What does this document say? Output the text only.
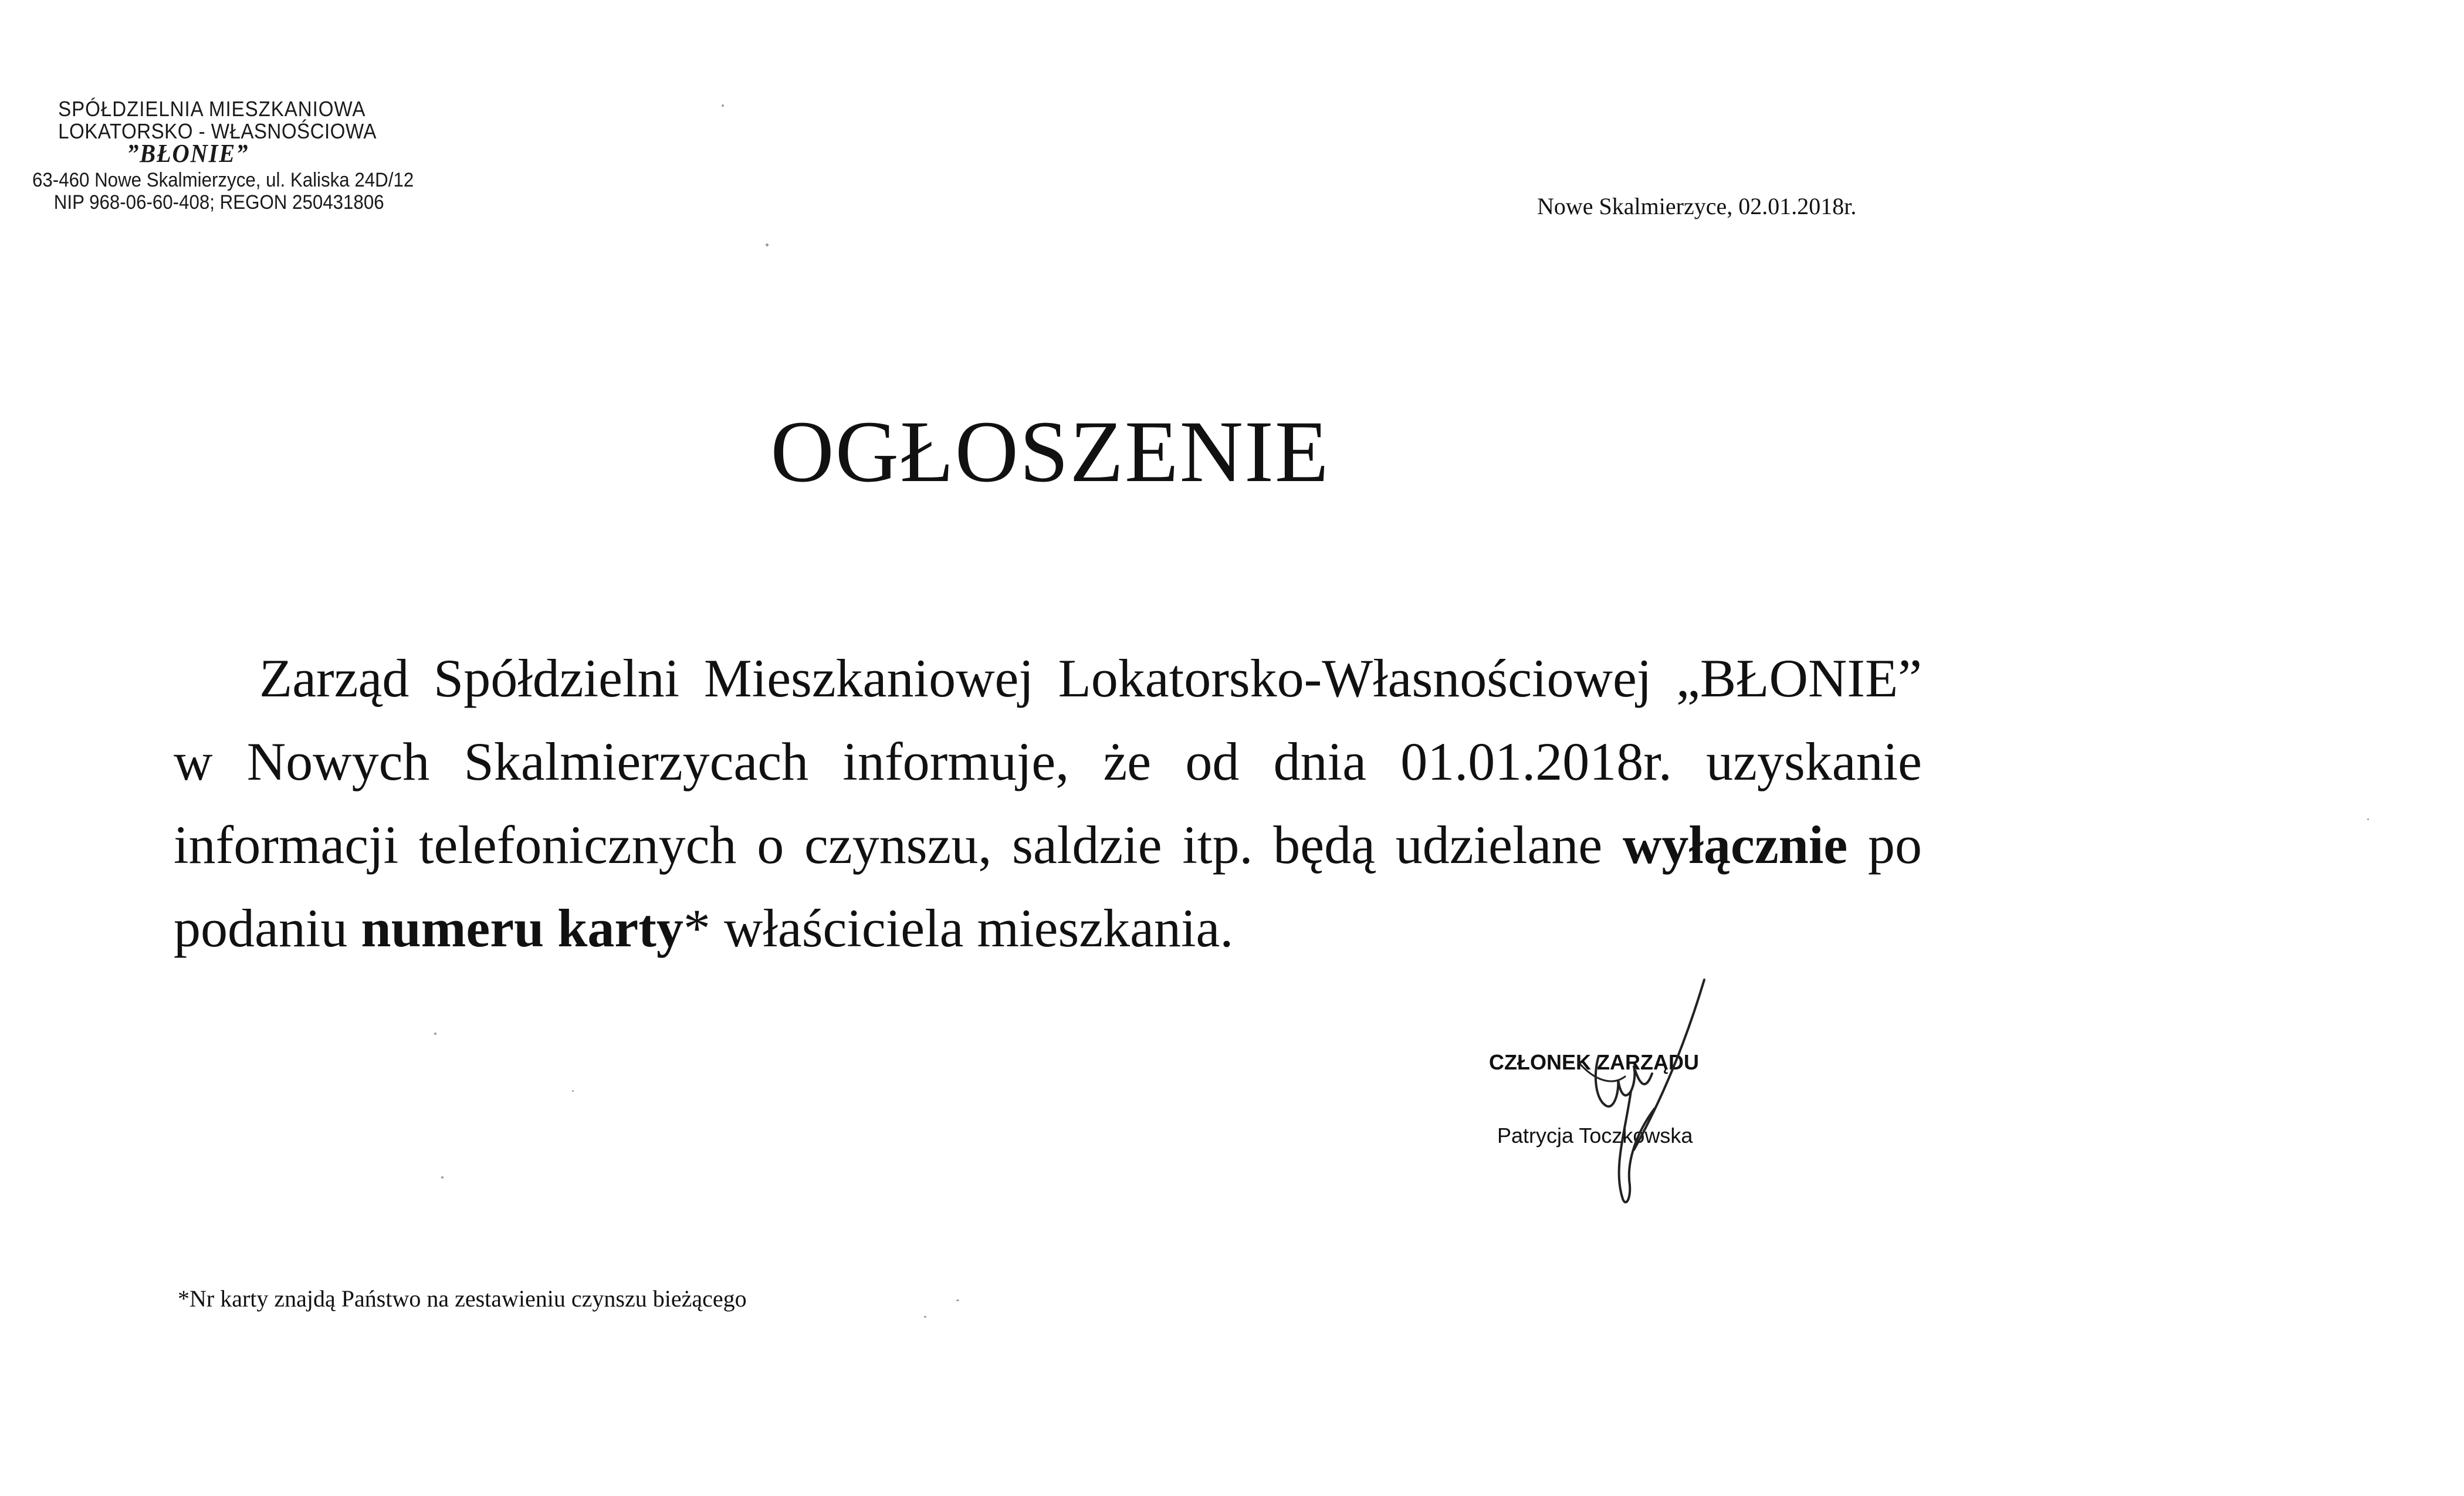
SPÓŁDZIELNIA MIESZKANIOWA
LOKATORSKO - WŁASNOŚCIOWA
”BŁONIE”
63-460 Nowe Skalmierzyce, ul. Kaliska 24D/12
NIP 968-06-60-408; REGON 250431806	Nowe Skalmierzyce, 02.01.2018r.
OGŁOSZENIE
Zarząd Spółdzielni Mieszkaniowej Lokatorsko-Własnościowej „BŁONIE” w Nowych Skalmierzycach informuje, że od dnia 01.01.2018r. uzyskanie informacji telefonicznych o czynszu, saldzie itp. będą udzielane wyłącznie po podaniu numeru karty* właściciela mieszkania.
CZŁONEK ZARZĄDU
Patrycja Toczkowska
*Nr karty znajdą Państwo na zestawieniu czynszu bieżącego
